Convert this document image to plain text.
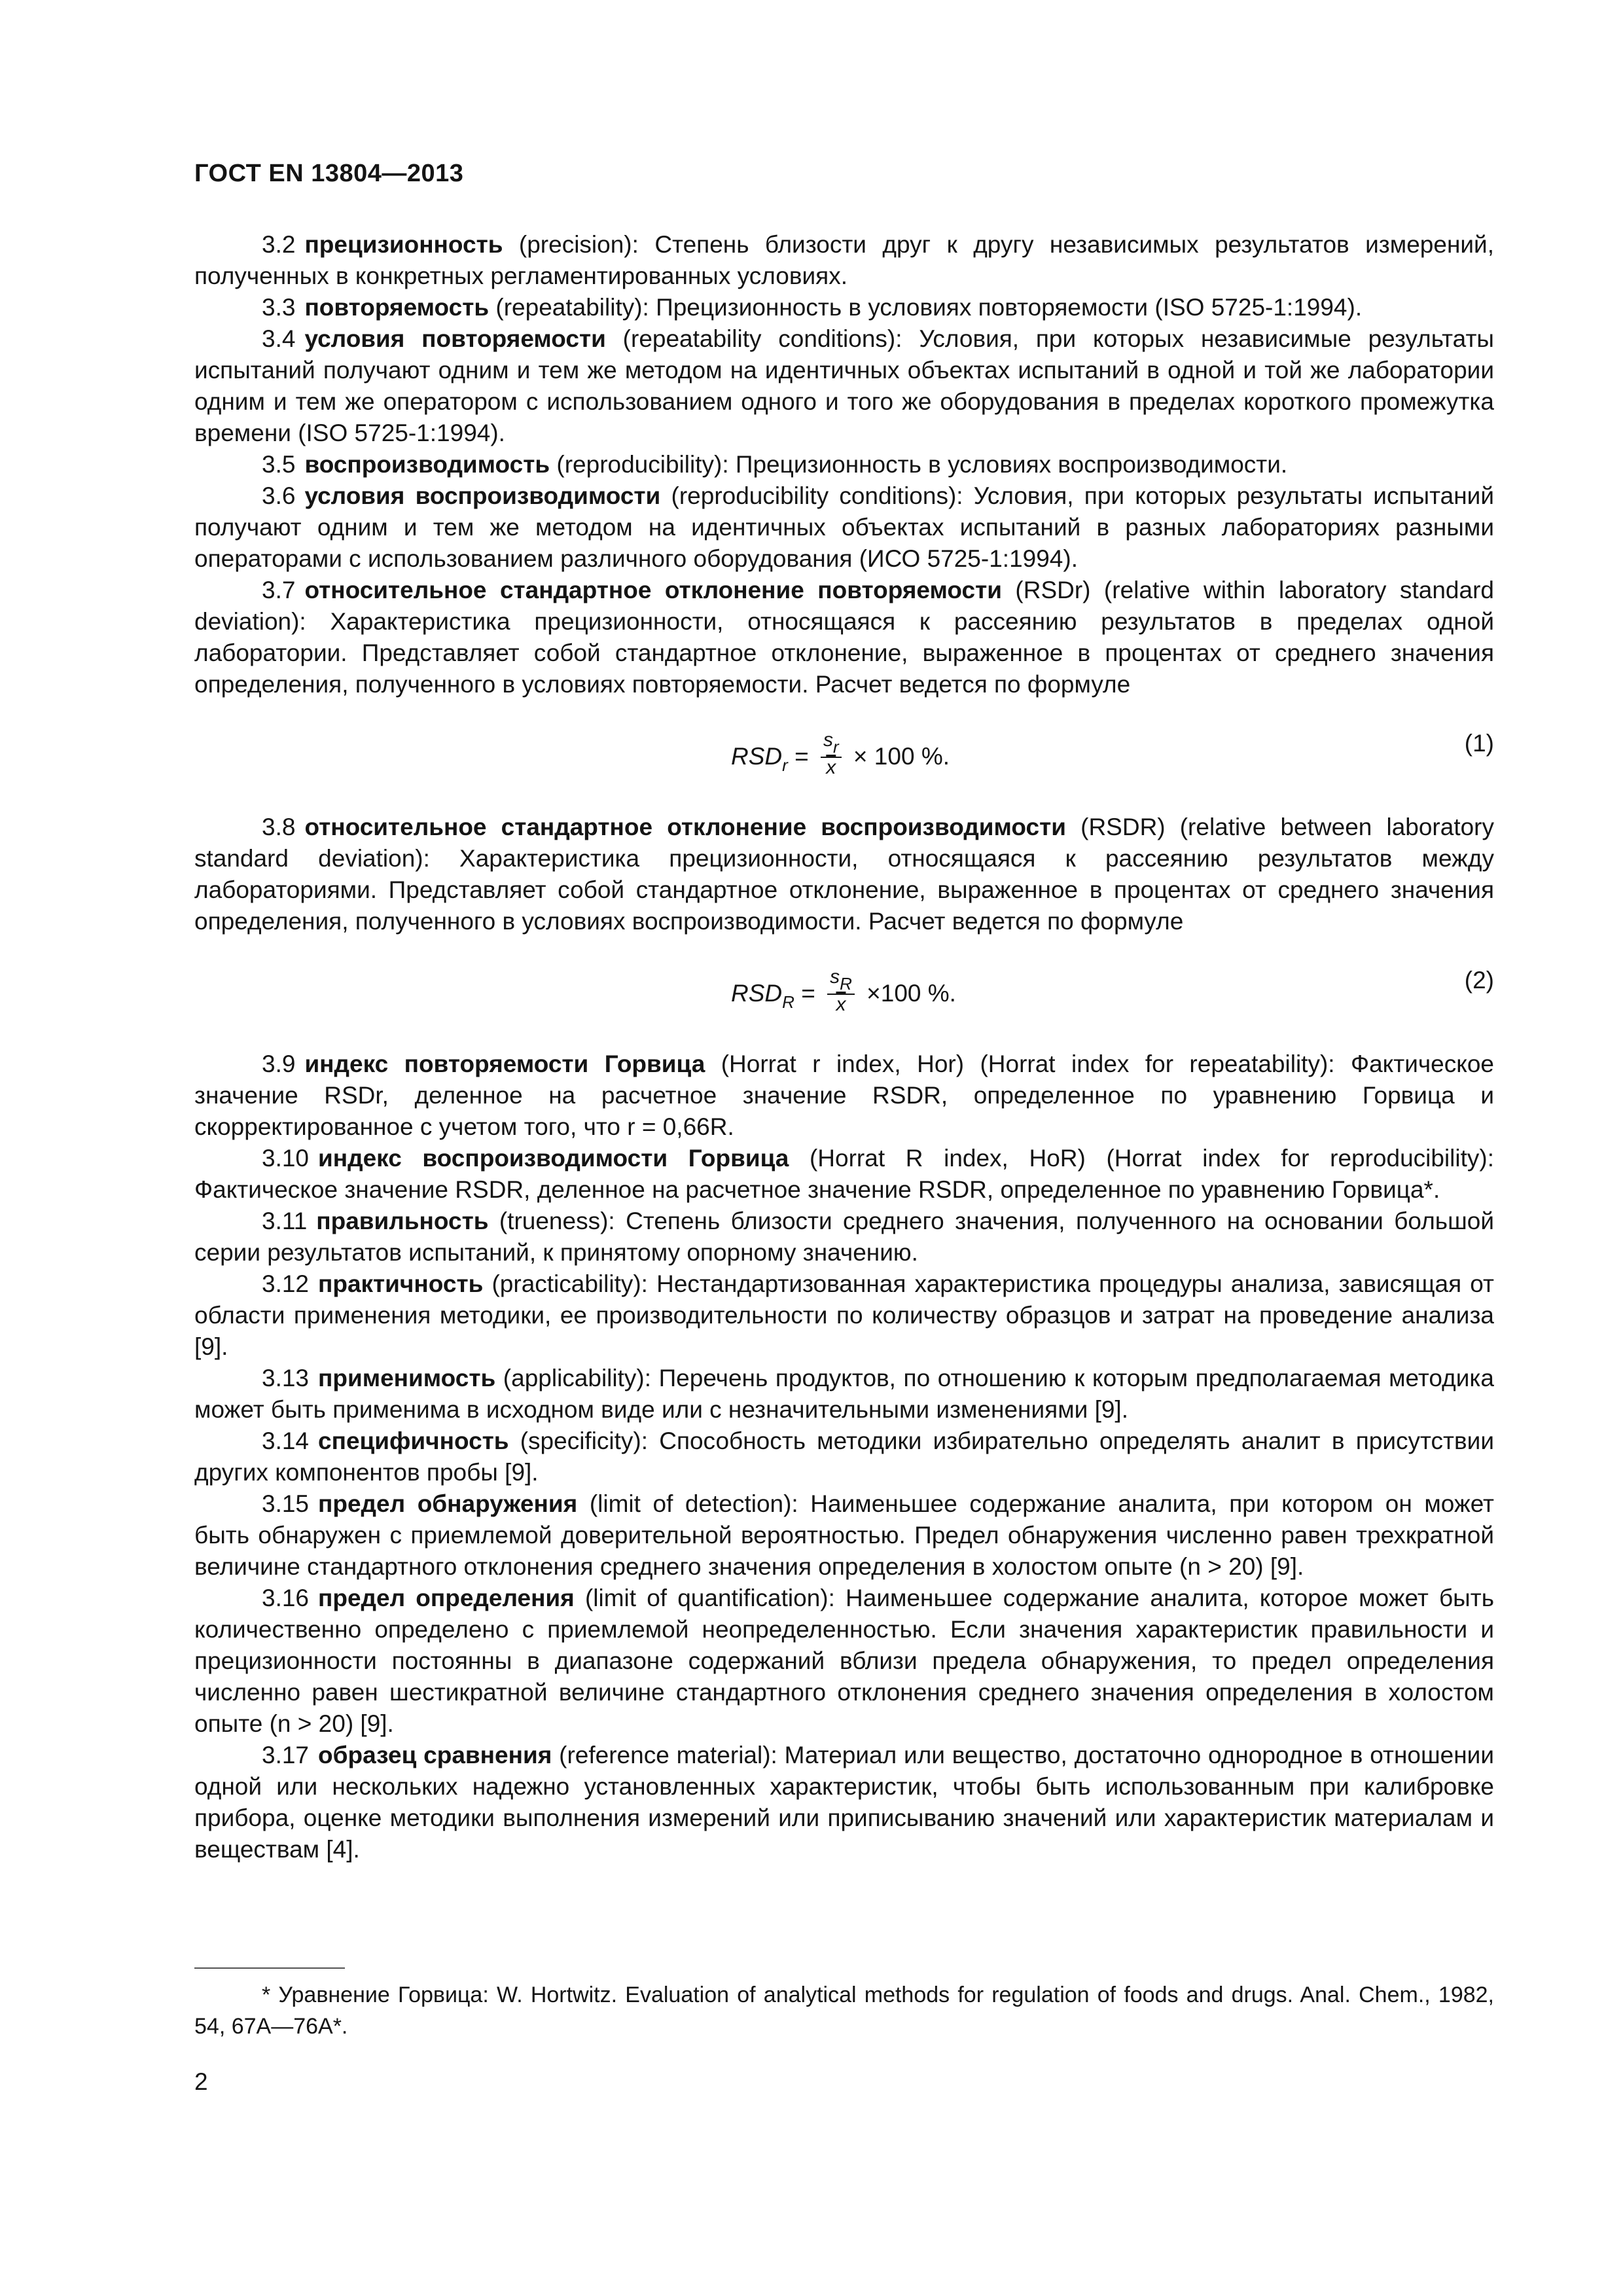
ГОСТ EN 13804—2013

3.2 прецизионность (precision): Степень близости друг к другу независимых результатов измерений, полученных в конкретных регламентированных условиях.

3.3 повторяемость (repeatability): Прецизионность в условиях повторяемости (ISO 5725-1:1994).

3.4 условия повторяемости (repeatability conditions): Условия, при которых независимые результаты испытаний получают одним и тем же методом на идентичных объектах испытаний в одной и той же лаборатории одним и тем же оператором с использованием одного и того же оборудования в пределах короткого промежутка времени (ISO 5725-1:1994).

3.5 воспроизводимость (reproducibility): Прецизионность в условиях воспроизводимости.

3.6 условия воспроизводимости (reproducibility conditions): Условия, при которых результаты испытаний получают одним и тем же методом на идентичных объектах испытаний в разных лабораториях разными операторами с использованием различного оборудования (ИСО 5725-1:1994).

3.7 относительное стандартное отклонение повторяемости (RSDr) (relative within laboratory standard deviation): Характеристика прецизионности, относящаяся к рассеянию результатов в пределах одной лаборатории. Представляет собой стандартное отклонение, выраженное в процентах от среднего значения определения, полученного в условиях повторяемости. Расчет ведется по формуле

$RSD_r = \frac{sr}{x} \times 100$ %.	(1)

3.8 относительное стандартное отклонение воспроизводимости (RSDR) (relative between laboratory standard deviation): Характеристика прецизионности, относящаяся к рассеянию результатов между лабораториями. Представляет собой стандартное отклонение, выраженное в процентах от среднего значения определения, полученного в условиях воспроизводимости. Расчет ведется по формуле

$RSD_R = \frac{sR}{x} \times 100$ %.	(2)

3.9 индекс повторяемости Горвица (Horrat r index, Hor) (Horrat index for repeatability): Фактическое значение RSDr, деленное на расчетное значение RSDR, определенное по уравнению Горвица и скорректированное с учетом того, что r = 0,66R.

3.10 индекс воспроизводимости Горвица (Horrat R index, HoR) (Horrat index for reproducibility): Фактическое значение RSDR, деленное на расчетное значение RSDR, определенное по уравнению Горвица*.

3.11 правильность (trueness): Степень близости среднего значения, полученного на основании большой серии результатов испытаний, к принятому опорному значению.

3.12 практичность (practicability): Нестандартизованная характеристика процедуры анализа, зависящая от области применения методики, ее производительности по количеству образцов и затрат на проведение анализа [9].

3.13 применимость (applicability): Перечень продуктов, по отношению к которым предполагаемая методика может быть применима в исходном виде или с незначительными изменениями [9].

3.14 специфичность (specificity): Способность методики избирательно определять аналит в присутствии других компонентов пробы [9].

3.15 предел обнаружения (limit of detection): Наименьшее содержание аналита, при котором он может быть обнаружен с приемлемой доверительной вероятностью. Предел обнаружения численно равен трехкратной величине стандартного отклонения среднего значения определения в холостом опыте (n > 20) [9].

3.16 предел определения (limit of quantification): Наименьшее содержание аналита, которое может быть количественно определено с приемлемой неопределенностью. Если значения характеристик правильности и прецизионности постоянны в диапазоне содержаний вблизи предела обнаружения, то предел определения численно равен шестикратной величине стандартного отклонения среднего значения определения в холостом опыте (n > 20) [9].

3.17 образец сравнения (reference material): Материал или вещество, достаточно однородное в отношении одной или нескольких надежно установленных характеристик, чтобы быть использованным при калибровке прибора, оценке методики выполнения измерений или приписыванию значений или характеристик материалам и веществам [4].

* Уравнение Горвица: W. Hortwitz. Evaluation of analytical methods for regulation of foods and drugs. Anal. Chem., 1982, 54, 67A—76A*.
2
